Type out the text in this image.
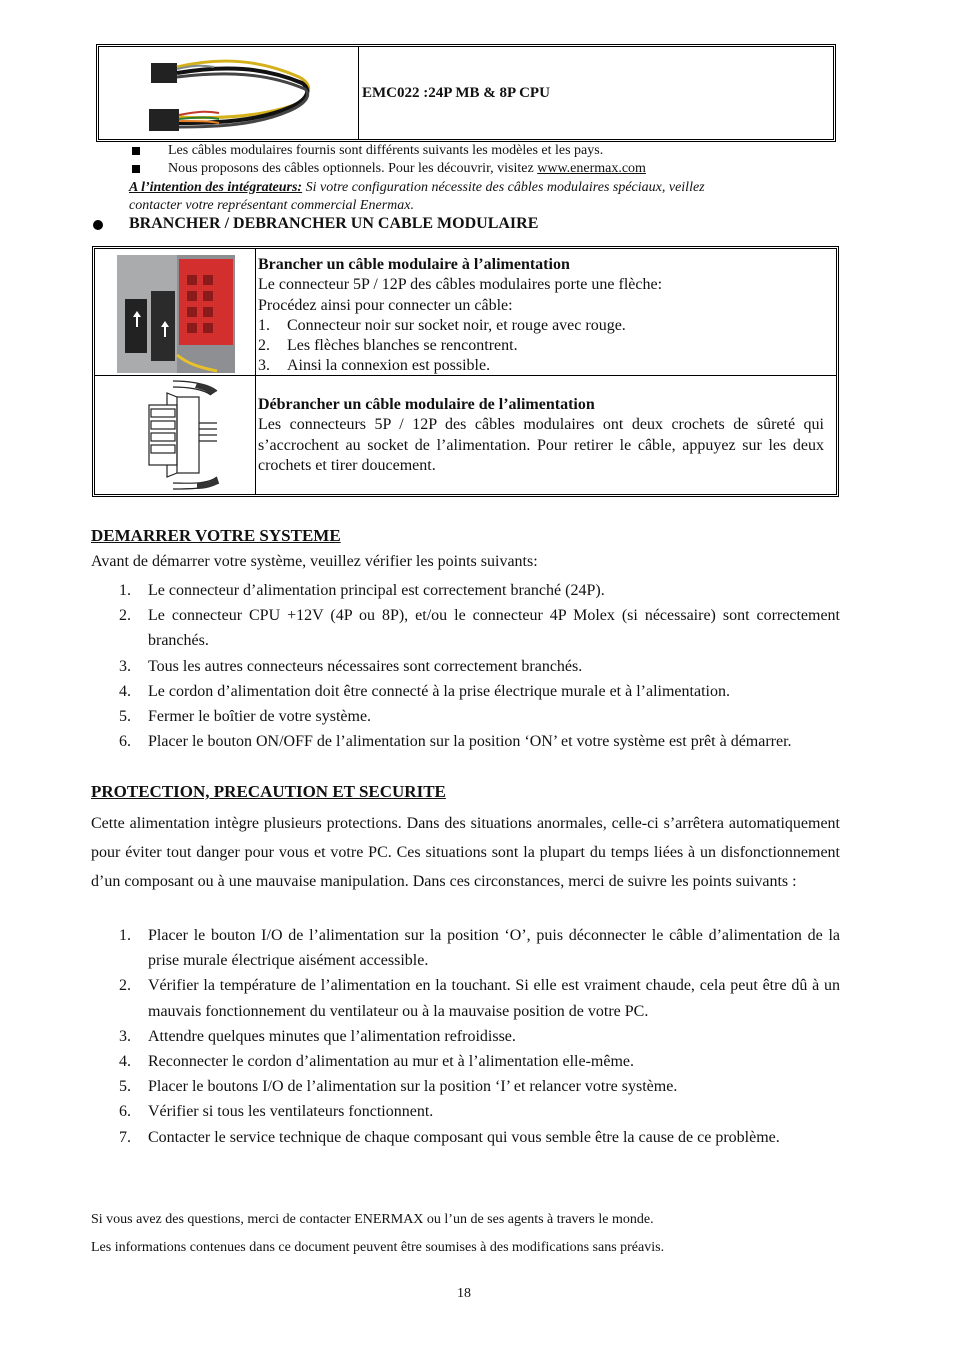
EMC022 :24P MB & 8P CPU
Les câbles modulaires fournis sont différents suivants les modèles et les pays.
Nous proposons des câbles optionnels. Pour les découvrir, visitez www.enermax.com
A l’intention des intégrateurs: Si votre configuration nécessite des câbles modulaires spéciaux, veillez
contacter votre représentant commercial Enermax.
BRANCHER / DEBRANCHER UN CABLE MODULAIRE
Brancher un câble modulaire à l’alimentation
Le connecteur 5P / 12P des câbles modulaires porte une flèche:
Procédez ainsi pour connecter un câble:
1. Connecteur noir sur socket noir, et rouge avec rouge.
2. Les flèches blanches se rencontrent.
3. Ainsi la connexion est possible.
Débrancher un câble modulaire de l’alimentation
Les connecteurs 5P / 12P des câbles modulaires ont deux crochets de sûreté qui s’accrochent au socket de l’alimentation. Pour retirer le câble, appuyez sur les deux crochets et tirer doucement.
DEMARRER VOTRE SYSTEME
Avant de démarrer votre système, veuillez vérifier les points suivants:
1. Le connecteur d’alimentation principal est correctement branché (24P).
2. Le connecteur CPU +12V (4P ou 8P), et/ou le connecteur 4P Molex (si nécessaire) sont correctement branchés.
3. Tous les autres connecteurs nécessaires sont correctement branchés.
4. Le cordon d’alimentation doit être connecté à la prise électrique murale et à l’alimentation.
5. Fermer le boîtier de votre système.
6. Placer le bouton ON/OFF de l’alimentation sur la position ‘ON’ et votre système est prêt à démarrer.
PROTECTION, PRECAUTION ET SECURITE
Cette alimentation intègre plusieurs protections. Dans des situations anormales, celle-ci s’arrêtera automatiquement pour éviter tout danger pour vous et votre PC. Ces situations sont la plupart du temps liées à un disfonctionnement d’un composant ou à une mauvaise manipulation. Dans ces circonstances, merci de suivre les points suivants :
1. Placer le bouton I/O de l’alimentation sur la position ‘O’, puis déconnecter le câble d’alimentation de la prise murale électrique aisément accessible.
2. Vérifier la température de l’alimentation en la touchant. Si elle est vraiment chaude, cela peut être dû à un mauvais fonctionnement du ventilateur ou à la mauvaise position de votre PC.
3. Attendre quelques minutes que l’alimentation refroidisse.
4. Reconnecter le cordon d’alimentation au mur et à l’alimentation elle-même.
5. Placer le boutons I/O de l’alimentation sur la position ‘I’ et relancer votre système.
6. Vérifier si tous les ventilateurs fonctionnent.
7. Contacter le service technique de chaque composant qui vous semble être la cause de ce problème.
Si vous avez des questions, merci de contacter ENERMAX ou l’un de ses agents à travers le monde.
Les informations contenues dans ce document peuvent être soumises à des modifications sans préavis.
18
